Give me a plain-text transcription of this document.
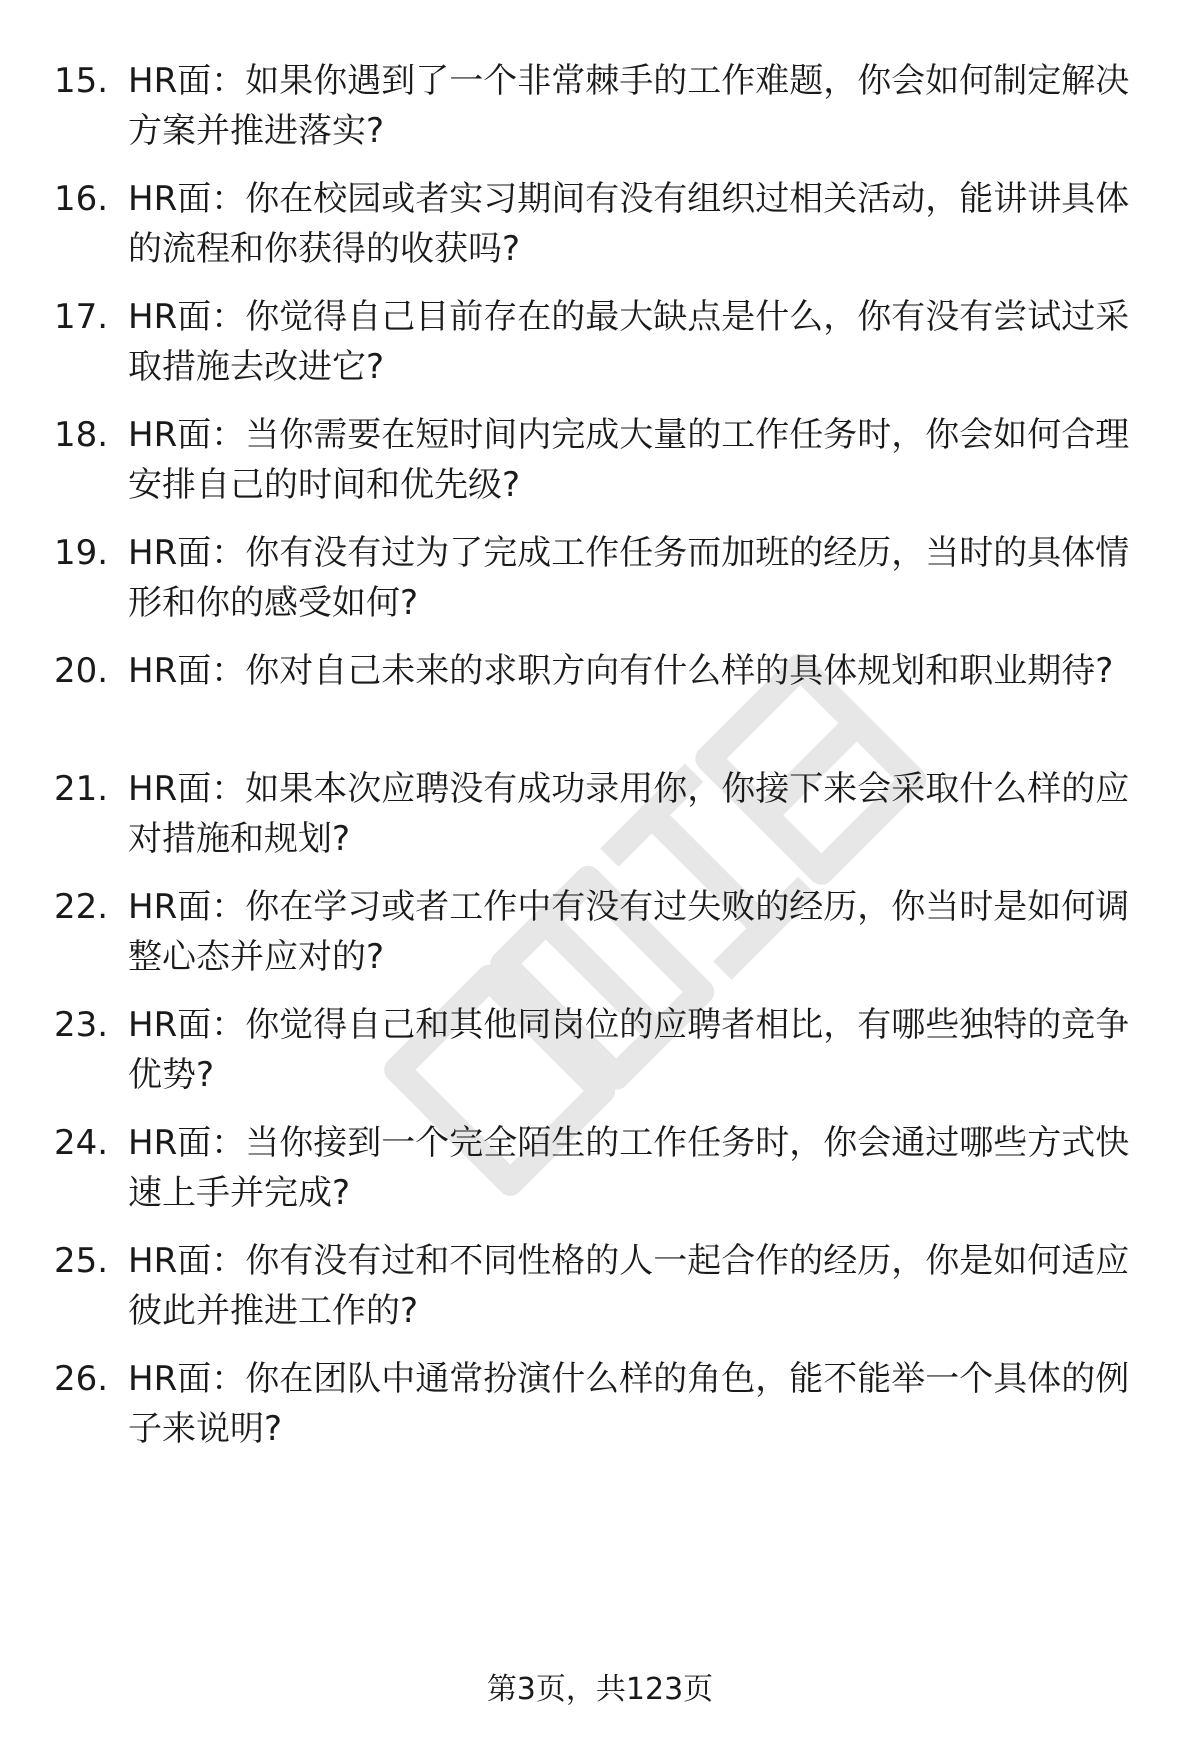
15. HR面：如果你遇到了一个非常棘手的工作难题，你会如何制定解决方案并推进落实?
16. HR面：你在校园或者实习期间有没有组织过相关活动，能讲讲具体的流程和你获得的收获吗?
17. HR面：你觉得自己目前存在的最大缺点是什么，你有没有尝试过采取措施去改进它?
18. HR面：当你需要在短时间内完成大量的工作任务时，你会如何合理安排自己的时间和优先级?
19. HR面：你有没有过为了完成工作任务而加班的经历，当时的具体情形和你的感受如何?
20. HR面：你对自己未来的求职方向有什么样的具体规划和职业期待?
21. HR面：如果本次应聘没有成功录用你，你接下来会采取什么样的应对措施和规划?
22. HR面：你在学习或者工作中有没有过失败的经历，你当时是如何调整心态并应对的?
23. HR面：你觉得自己和其他同岗位的应聘者相比，有哪些独特的竞争优势?
24. HR面：当你接到一个完全陌生的工作任务时，你会通过哪些方式快速上手并完成?
25. HR面：你有没有过和不同性格的人一起合作的经历，你是如何适应彼此并推进工作的?
26. HR面：你在团队中通常扮演什么样的角色，能不能举一个具体的例子来说明?
第3页，共123页
